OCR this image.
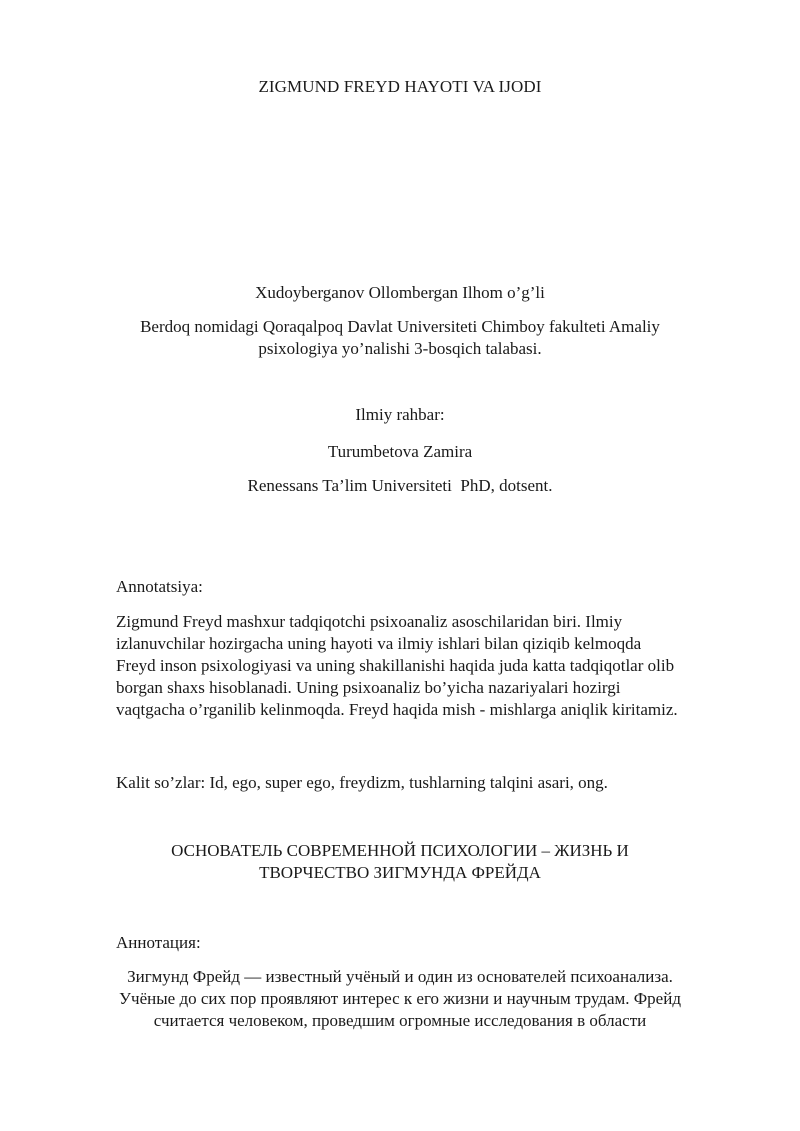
ZIGMUND FREYD HAYOTI VA IJODI

Xudoyberganov Ollombergan Ilhom o’g’li

Berdoq nomidagi Qoraqalpoq Davlat Universiteti Chimboy fakulteti Amaliy psixologiya yo’nalishi 3-bosqich talabasi.

Ilmiy rahbar:

Turumbetova Zamira

Renessans Ta’lim Universiteti  PhD, dotsent.

Annotatsiya:

Zigmund Freyd mashxur tadqiqotchi psixoanaliz asoschilaridan biri. Ilmiy
izlanuvchilar hozirgacha uning hayoti va ilmiy ishlari bilan qiziqib kelmoqda
Freyd inson psixologiyasi va uning shakillanishi haqida juda katta tadqiqotlar olib
borgan shaxs hisoblanadi. Uning psixoanaliz bo’yicha nazariyalari hozirgi
vaqtgacha o’rganilib kelinmoqda. Freyd haqida mish - mishlarga aniqlik kiritamiz.

Kalit so’zlar: Id, ego, super ego, freydizm, tushlarning talqini asari, ong.

ОСНОВАТЕЛЬ СОВРЕМЕННОЙ ПСИХОЛОГИИ – ЖИЗНЬ И ТВОРЧЕСТВО ЗИГМУНДА ФРЕЙДА

Аннотация:

Зигмунд Фрейд — известный учёный и один из основателей психоанализа. Учёные до сих пор проявляют интерес к его жизни и научным трудам. Фрейд считается человеком, проведшим огромные исследования в области
